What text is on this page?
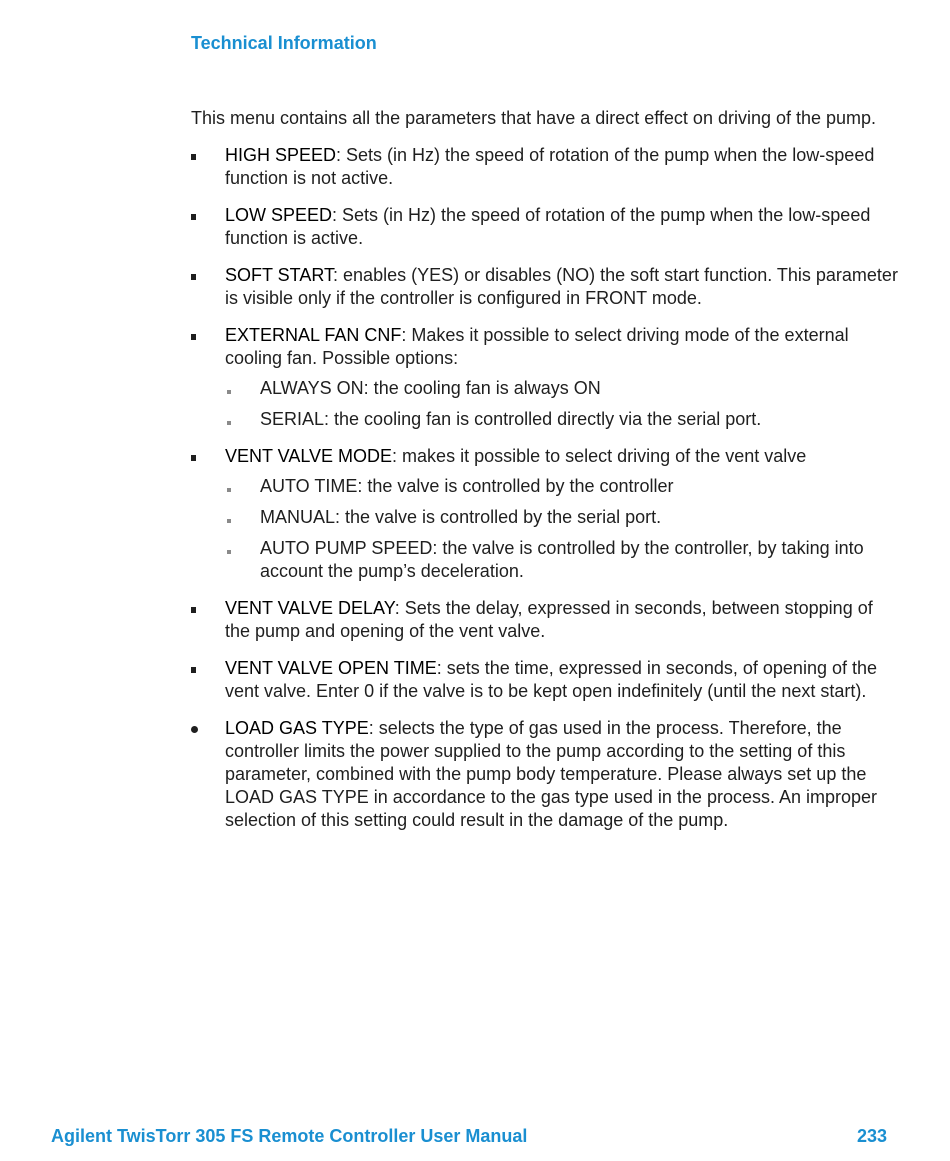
Technical Information

This menu contains all the parameters that have a direct effect on driving of the pump.

HIGH SPEED: Sets (in Hz) the speed of rotation of the pump when the low-speed function is not active.
LOW SPEED: Sets (in Hz) the speed of rotation of the pump when the low-speed function is active.
SOFT START: enables (YES) or disables (NO) the soft start function. This parameter is visible only if the controller is configured in FRONT mode.
EXTERNAL FAN CNF: Makes it possible to select driving mode of the external cooling fan. Possible options:
ALWAYS ON: the cooling fan is always ON
SERIAL: the cooling fan is controlled directly via the serial port.
VENT VALVE MODE: makes it possible to select driving of the vent valve
AUTO TIME: the valve is controlled by the controller
MANUAL: the valve is controlled by the serial port.
AUTO PUMP SPEED: the valve is controlled by the controller, by taking into account the pump’s deceleration.
VENT VALVE DELAY: Sets the delay, expressed in seconds, between stopping of the pump and opening of the vent valve.
VENT VALVE OPEN TIME: sets the time, expressed in seconds, of opening of the vent valve. Enter 0 if the valve is to be kept open indefinitely (until the next start).
LOAD GAS TYPE: selects the type of gas used in the process. Therefore, the controller limits the power supplied to the pump according to the setting of this parameter, combined with the pump body temperature. Please always set up the LOAD GAS TYPE in accordance to the gas type used in the process. An improper selection of this setting could result in the damage of the pump.
Agilent TwisTorr 305 FS Remote Controller User Manual	233
